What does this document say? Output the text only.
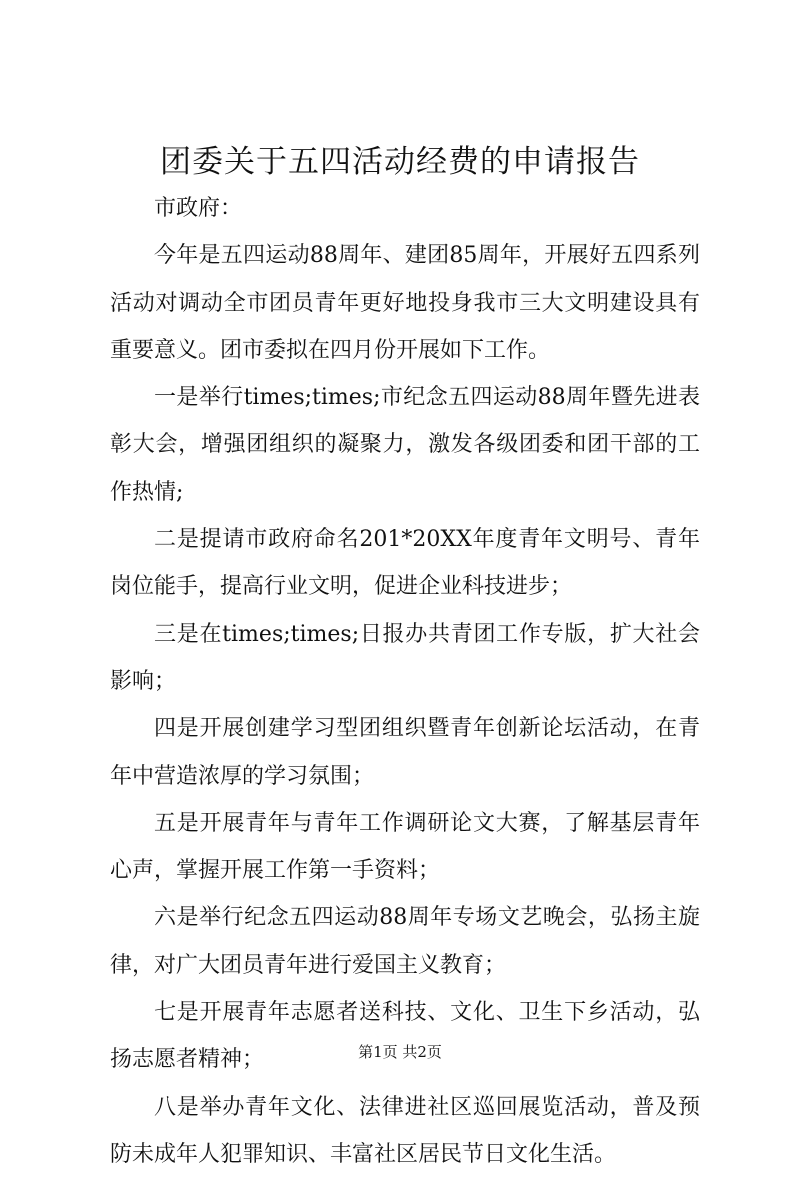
团委关于五四活动经费的申请报告

市政府：

今年是五四运动88周年、建团85周年，开展好五四系列活动对调动全市团员青年更好地投身我市三大文明建设具有重要意义。团市委拟在四月份开展如下工作。

一是举行times;times;市纪念五四运动88周年暨先进表彰大会，增强团组织的凝聚力，激发各级团委和团干部的工作热情;

二是提请市政府命名201*20XX年度青年文明号、青年岗位能手，提高行业文明，促进企业科技进步；

三是在times;times;日报办共青团工作专版，扩大社会影响；

四是开展创建学习型团组织暨青年创新论坛活动，在青年中营造浓厚的学习氛围；

五是开展青年与青年工作调研论文大赛，了解基层青年心声，掌握开展工作第一手资料；

六是举行纪念五四运动88周年专场文艺晚会，弘扬主旋律，对广大团员青年进行爱国主义教育；

七是开展青年志愿者送科技、文化、卫生下乡活动，弘扬志愿者精神；

八是举办青年文化、法律进社区巡回展览活动，普及预防未成年人犯罪知识、丰富社区居民节日文化生活。

第1页 共2页
